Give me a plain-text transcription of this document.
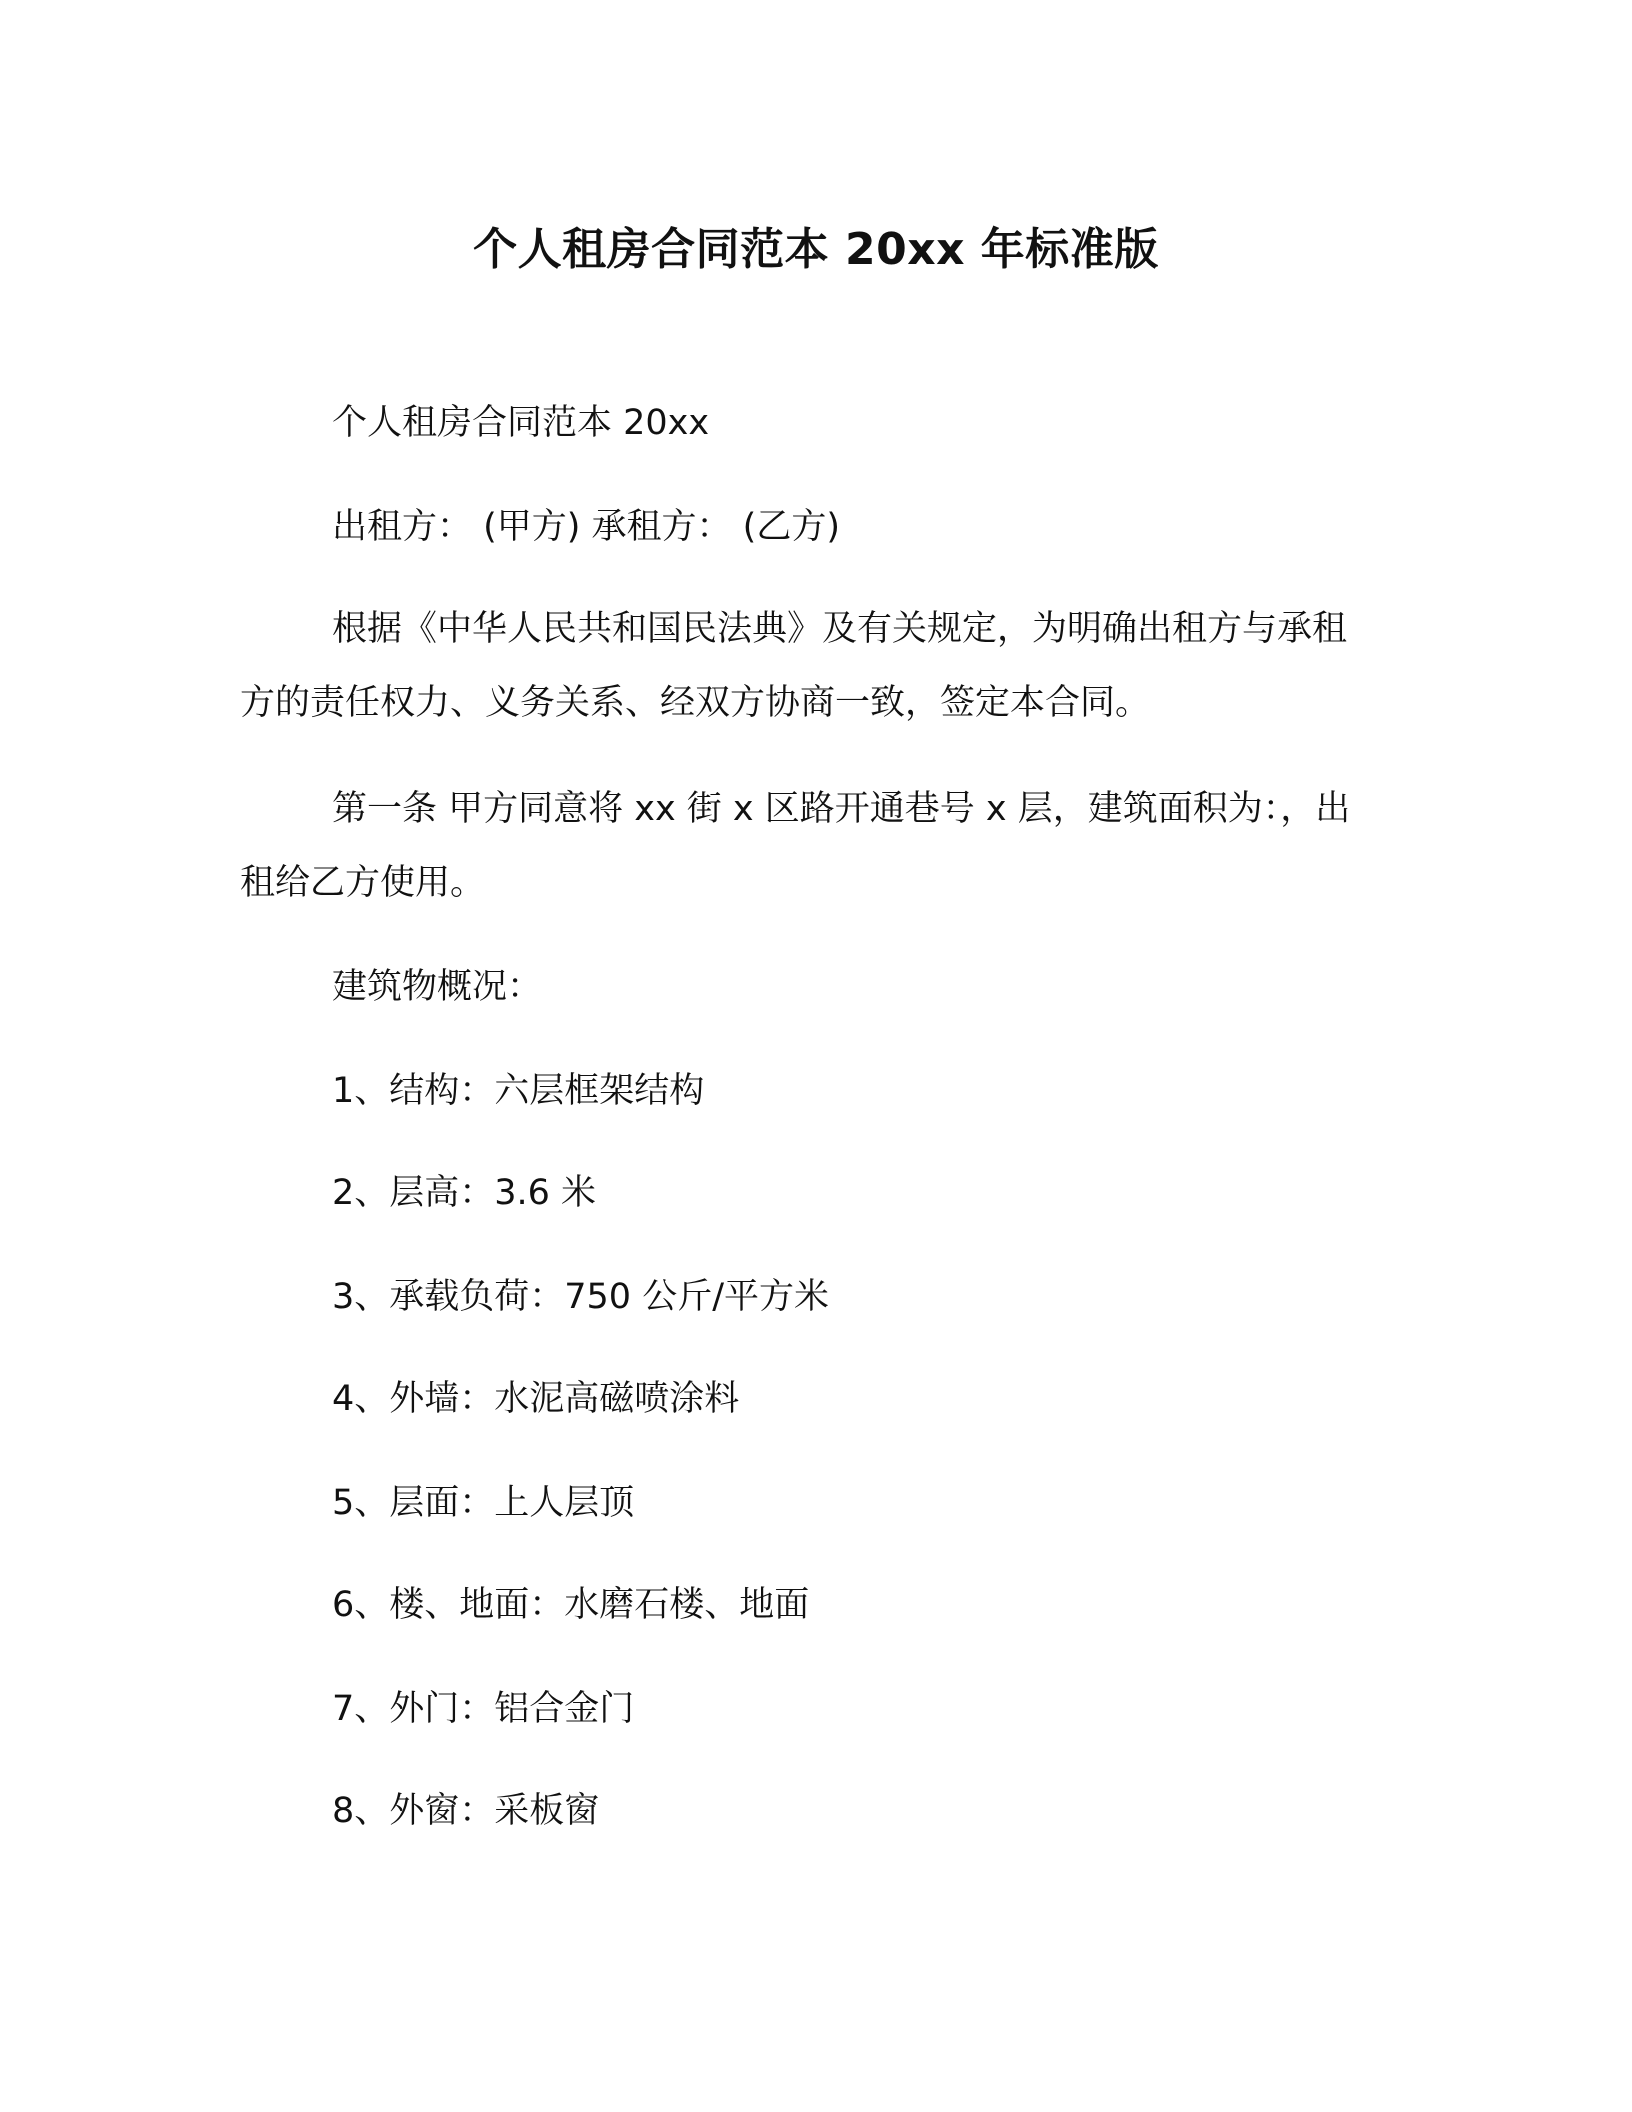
个人租房合同范本 20xx 年标准版
个人租房合同范本 20xx
出租方： (甲方) 承租方： (乙方)

根据《中华人民共和国民法典》及有关规定，为明确出租方与承租方的责任权力、义务关系、经双方协商一致，签定本合同。

第一条 甲方同意将 xx 街 x 区路开通巷号 x 层，建筑面积为：，出租给乙方使用。

建筑物概况：
1、结构：六层框架结构
2、层高：3.6 米
3、承载负荷：750 公斤/平方米
4、外墙：水泥高磁喷涂料
5、层面：上人层顶
6、楼、地面：水磨石楼、地面
7、外门：铝合金门
8、外窗：采板窗
